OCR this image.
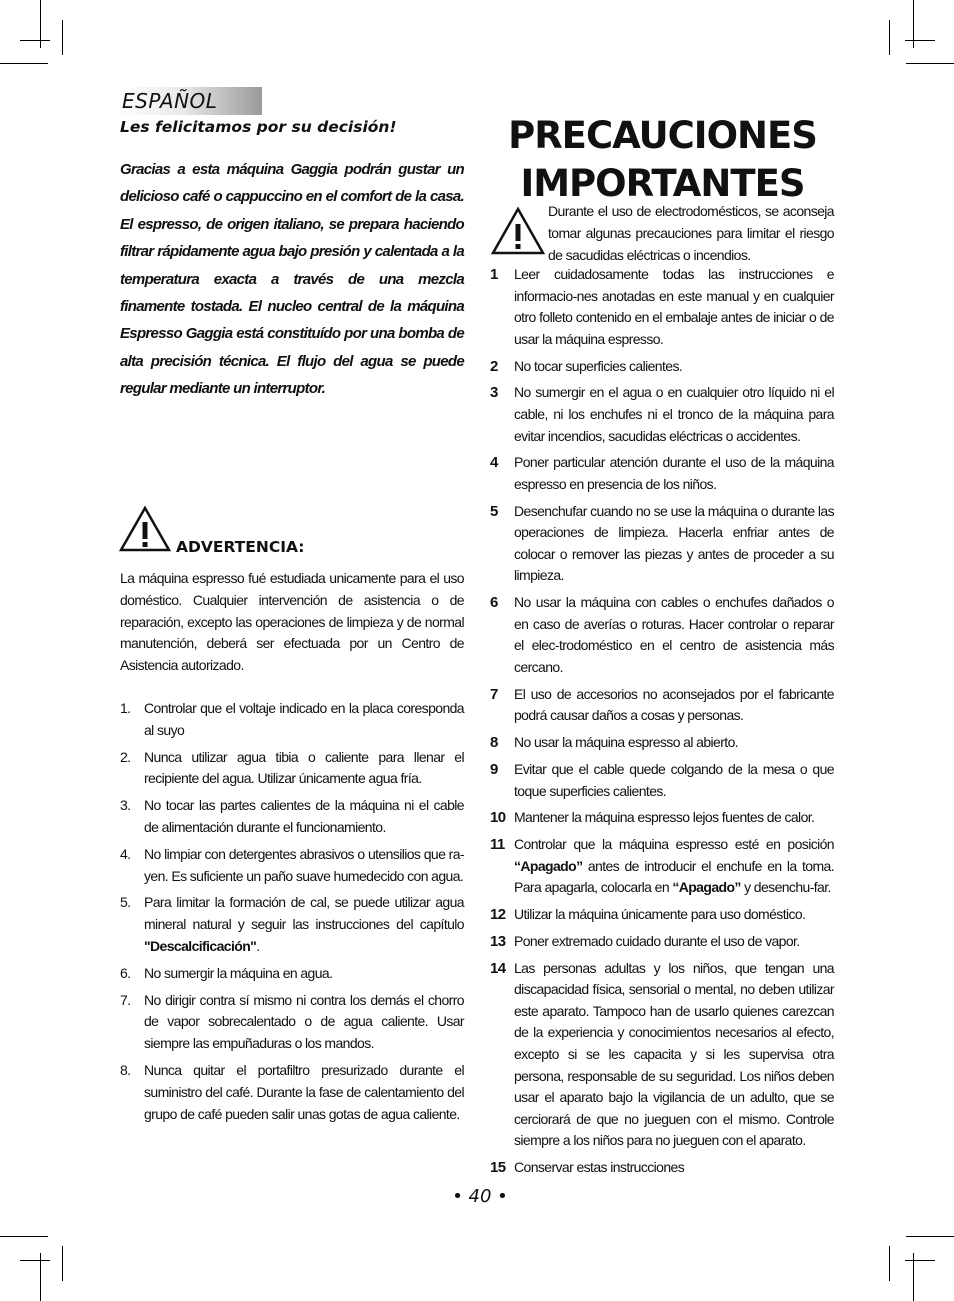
ESPAÑOL
Les felicitamos por su decisión!
Gracias a esta máquina Gaggia podrán gustar un delicioso café o cappuccino en el comfort de la casa. El espresso, de origen italiano, se prepara haciendo filtrar rápidamente agua bajo presión y calentada a la temperatura exacta a través de una mezcla finamente tostada. El nucleo central de la máquina Espresso Gaggia está constituído por una bomba de alta precisión técnica. El flujo del agua se puede regular mediante un interruptor.
ADVERTENCIA:
La máquina espresso fué estudiada unicamente para el uso doméstico. Cualquier intervención de asistencia o de reparación, excepto las operaciones de limpieza y de normal manutención, deberá ser efectuada por un Centro de Asistencia autorizado.
1. Controlar que el voltaje indicado en la placa coresponda al suyo
2. Nunca utilizar agua tibia o caliente para llenar el recipiente del agua. Utilizar únicamente agua fría.
3. No tocar las partes calientes de la máquina ni el cable de alimentación durante el funcionamiento.
4. No limpiar con detergentes abrasivos o utensilios que ra-yen. Es suficiente un paño suave humedecido con agua.
5. Para limitar la formación de cal, se puede utilizar agua mineral natural y seguir las instrucciones del capítulo "Descalcificación".
6. No sumergir la máquina en agua.
7. No dirigir contra sí mismo ni contra los demás el chorro de vapor sobrecalentado o de agua caliente. Usar siempre las empuñaduras o los mandos.
8. Nunca quitar el portafiltro presurizado durante el suministro del café. Durante la fase de calentamiento del grupo de café pueden salir unas gotas de agua caliente.
PRECAUCIONES
IMPORTANTES
Durante el uso de electrodomésticos, se aconseja tomar algunas precauciones para limitar el riesgo de sacudidas eléctricas o incendios.
1 Leer cuidadosamente todas las instrucciones e informacio-nes anotadas en este manual y en cualquier otro folleto contenido en el embalaje antes de iniciar o de usar la máquina espresso.
2 No tocar superficies calientes.
3 No sumergir en el agua o en cualquier otro líquido ni el cable, ni los enchufes ni el tronco de la máquina para evitar incendios, sacudidas eléctricas o accidentes.
4 Poner particular atención durante el uso de la máquina espresso en presencia de los niños.
5 Desenchufar cuando no se use la máquina o durante las operaciones de limpieza. Hacerla enfriar antes de colocar o remover las piezas y antes de proceder a su limpieza.
6 No usar la máquina con cables o enchufes dañados o en caso de averías o roturas. Hacer controlar o reparar el elec-trodoméstico en el centro de asistencia más cercano.
7 El uso de accesorios no aconsejados por el fabricante podrá causar daños a cosas y personas.
8 No usar la máquina espresso al abierto.
9 Evitar que el cable quede colgando de la mesa o que toque superficies calientes.
10 Mantener la máquina espresso lejos fuentes de calor.
11 Controlar que la máquina espresso esté en posición “Apagado” antes de introducir el enchufe en la toma. Para apagarla, colocarla en “Apagado” y desenchu-far.
12 Utilizar la máquina únicamente para uso doméstico.
13 Poner extremado cuidado durante el uso de vapor.
14 Las personas adultas y los niños, que tengan una discapacidad física, sensorial o mental, no deben utilizar este aparato. Tampoco han de usarlo quienes carezcan de la experiencia y conocimientos necesarios al efecto, excepto si se les capacita y si les supervisa otra persona, responsable de su seguridad. Los niños deben usar el aparato bajo la vigilancia de un adulto, que se cerciorará de que no jueguen con el mismo. Controle siempre a los niños para no jueguen con el aparato.
15 Conservar estas instrucciones
• 40 •
